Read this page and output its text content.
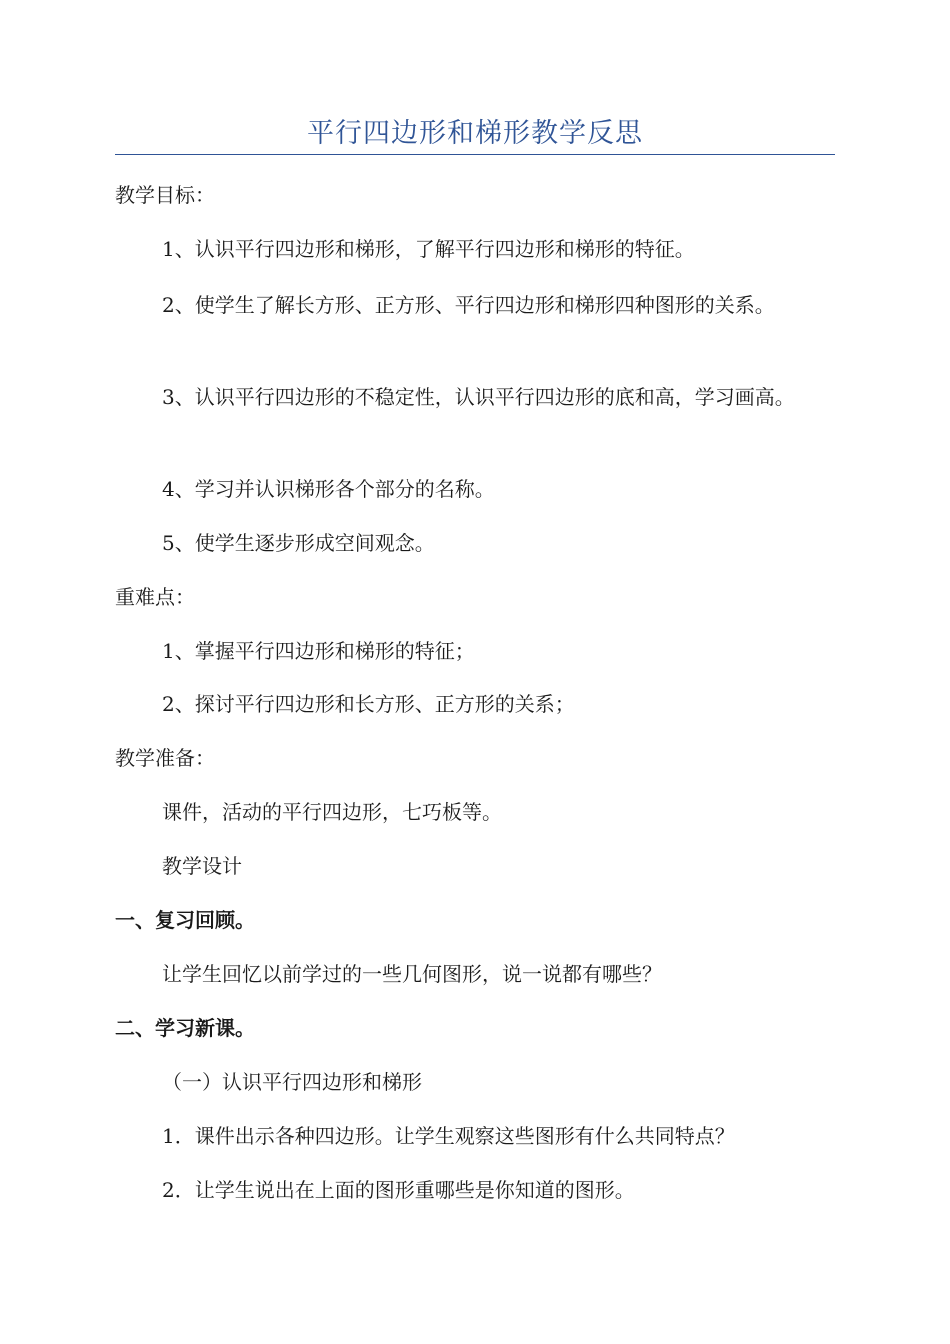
平行四边形和梯形教学反思
教学目标：
1、认识平行四边形和梯形，了解平行四边形和梯形的特征。
2、使学生了解长方形、正方形、平行四边形和梯形四种图形的关系。
3、认识平行四边形的不稳定性，认识平行四边形的底和高，学习画高。
4、学习并认识梯形各个部分的名称。
5、使学生逐步形成空间观念。
重难点：
1、掌握平行四边形和梯形的特征；
2、探讨平行四边形和长方形、正方形的关系；
教学准备：
课件，活动的平行四边形，七巧板等。
教学设计
一、复习回顾。
让学生回忆以前学过的一些几何图形，说一说都有哪些？
二、学习新课。
（一）认识平行四边形和梯形
1．课件出示各种四边形。让学生观察这些图形有什么共同特点？
2．让学生说出在上面的图形重哪些是你知道的图形。
